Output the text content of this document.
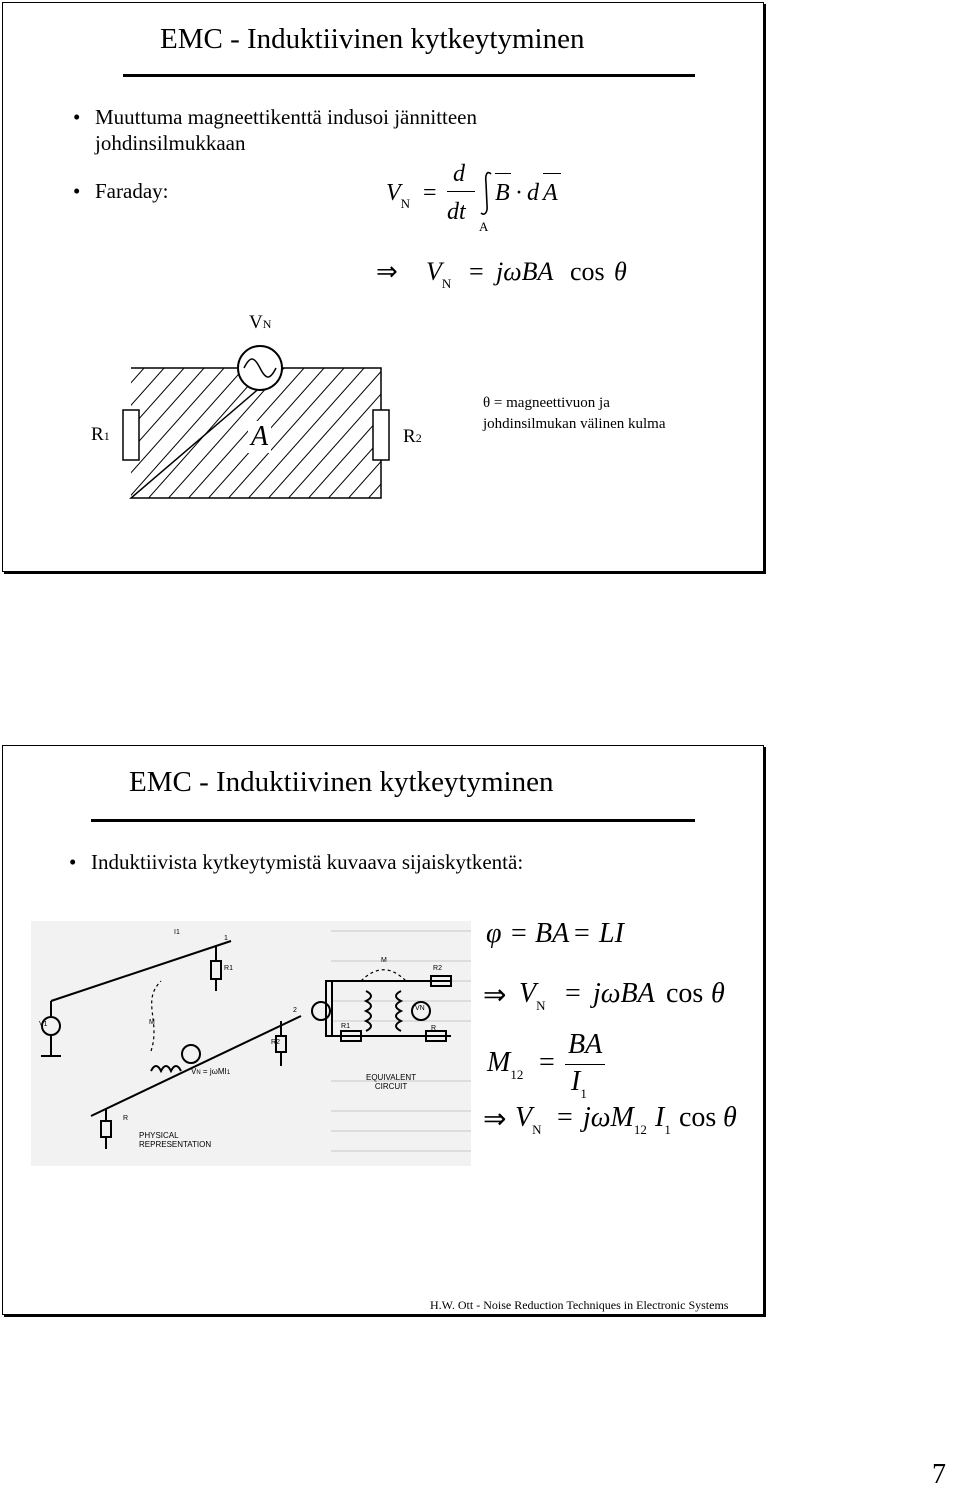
EMC - Induktiivinen kytkeytyminen
• Muuttuma magneettikenttä indusoi jännitteen johdinsilmukkaan
• Faraday:	$V_N$ =
d
dt
A
B · d A
⇒ $V_N = j\omega BA$ cos θ
VN
A
R1	R2
θ = magneettivuon ja
johdinsilmukan välinen kulma
EMC - Induktiivinen kytkeytyminen
• Induktiivista kytkeytymistä kuvaava sijaiskytkentä:
PHYSICAL
REPRESENTATION
EQUIVALENT
CIRCUIT
VN = jωMI1
V1
I1
M
M
R
R
R1
R1
R2
R2
1
2	VN
φ = BA = LI
⇒ $V_N = j\omega BA$ cos θ
$M_{12}$ =
BA
$I_1$
⇒ $V_N = j\omega M_{12}$ $I_1$ cos θ
H.W. Ott - Noise Reduction Techniques in Electronic Systems
7
